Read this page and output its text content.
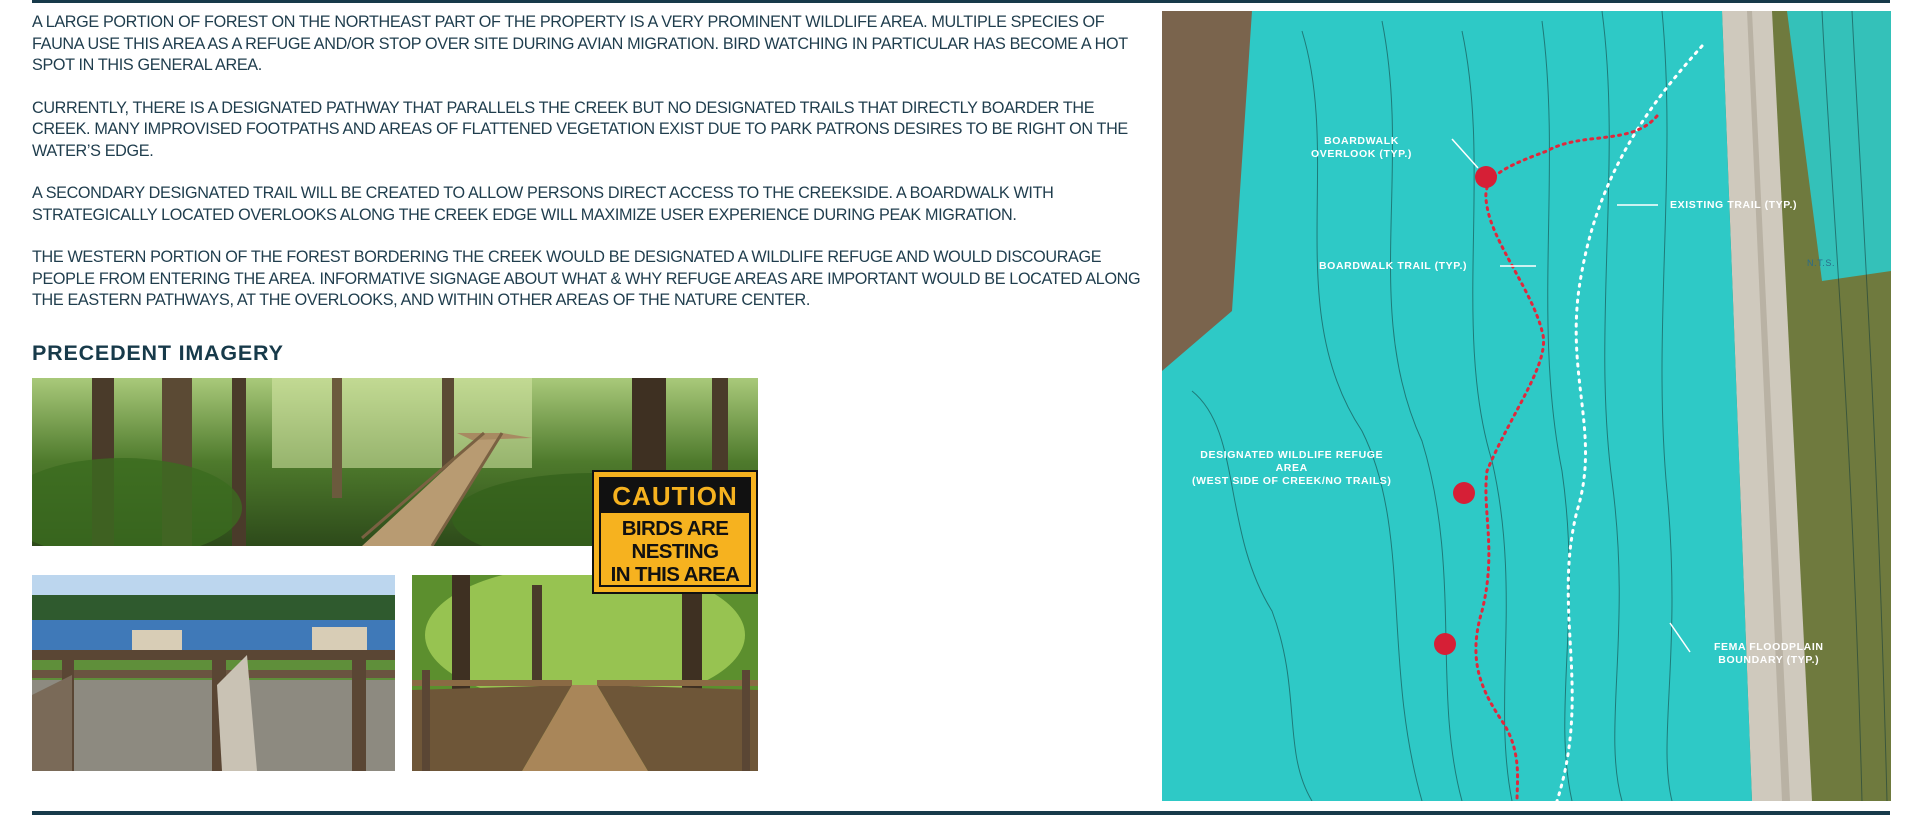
A LARGE PORTION OF FOREST ON THE NORTHEAST PART OF THE PROPERTY IS A VERY PROMINENT WILDLIFE AREA. MULTIPLE SPECIES OF FAUNA USE THIS AREA AS A REFUGE AND/OR STOP OVER SITE DURING AVIAN MIGRATION. BIRD WATCHING IN PARTICULAR HAS BECOME A HOT SPOT IN THIS GENERAL AREA.

CURRENTLY, THERE IS A DESIGNATED PATHWAY THAT PARALLELS THE CREEK BUT NO DESIGNATED TRAILS THAT DIRECTLY BOARDER THE CREEK. MANY IMPROVISED FOOTPATHS AND AREAS OF FLATTENED VEGETATION EXIST DUE TO PARK PATRONS DESIRES TO BE RIGHT ON THE WATER’S EDGE.

A SECONDARY DESIGNATED TRAIL WILL BE CREATED TO ALLOW PERSONS DIRECT ACCESS TO THE CREEKSIDE. A BOARDWALK WITH STRATEGICALLY LOCATED OVERLOOKS ALONG THE CREEK EDGE WILL MAXIMIZE USER EXPERIENCE DURING PEAK MIGRATION.

THE WESTERN PORTION OF THE FOREST BORDERING THE CREEK WOULD BE DESIGNATED A WILDLIFE REFUGE AND WOULD DISCOURAGE PEOPLE FROM ENTERING THE AREA. INFORMATIVE SIGNAGE ABOUT WHAT & WHY REFUGE AREAS ARE IMPORTANT WOULD BE LOCATED ALONG THE EASTERN PATHWAYS, AT THE OVERLOOKS, AND WITHIN OTHER AREAS OF THE NATURE CENTER.

PRECEDENT IMAGERY
CAUTION
BIRDS ARE
NESTING
IN THIS AREA
BOARDWALK
OVERLOOK (TYP.)
EXISTING TRAIL (TYP.)
BOARDWALK TRAIL (TYP.)
DESIGNATED WILDLIFE REFUGE
AREA
(WEST SIDE OF CREEK/NO TRAILS)
FEMA FLOODPLAIN
BOUNDARY (TYP.)
N.T.S.
